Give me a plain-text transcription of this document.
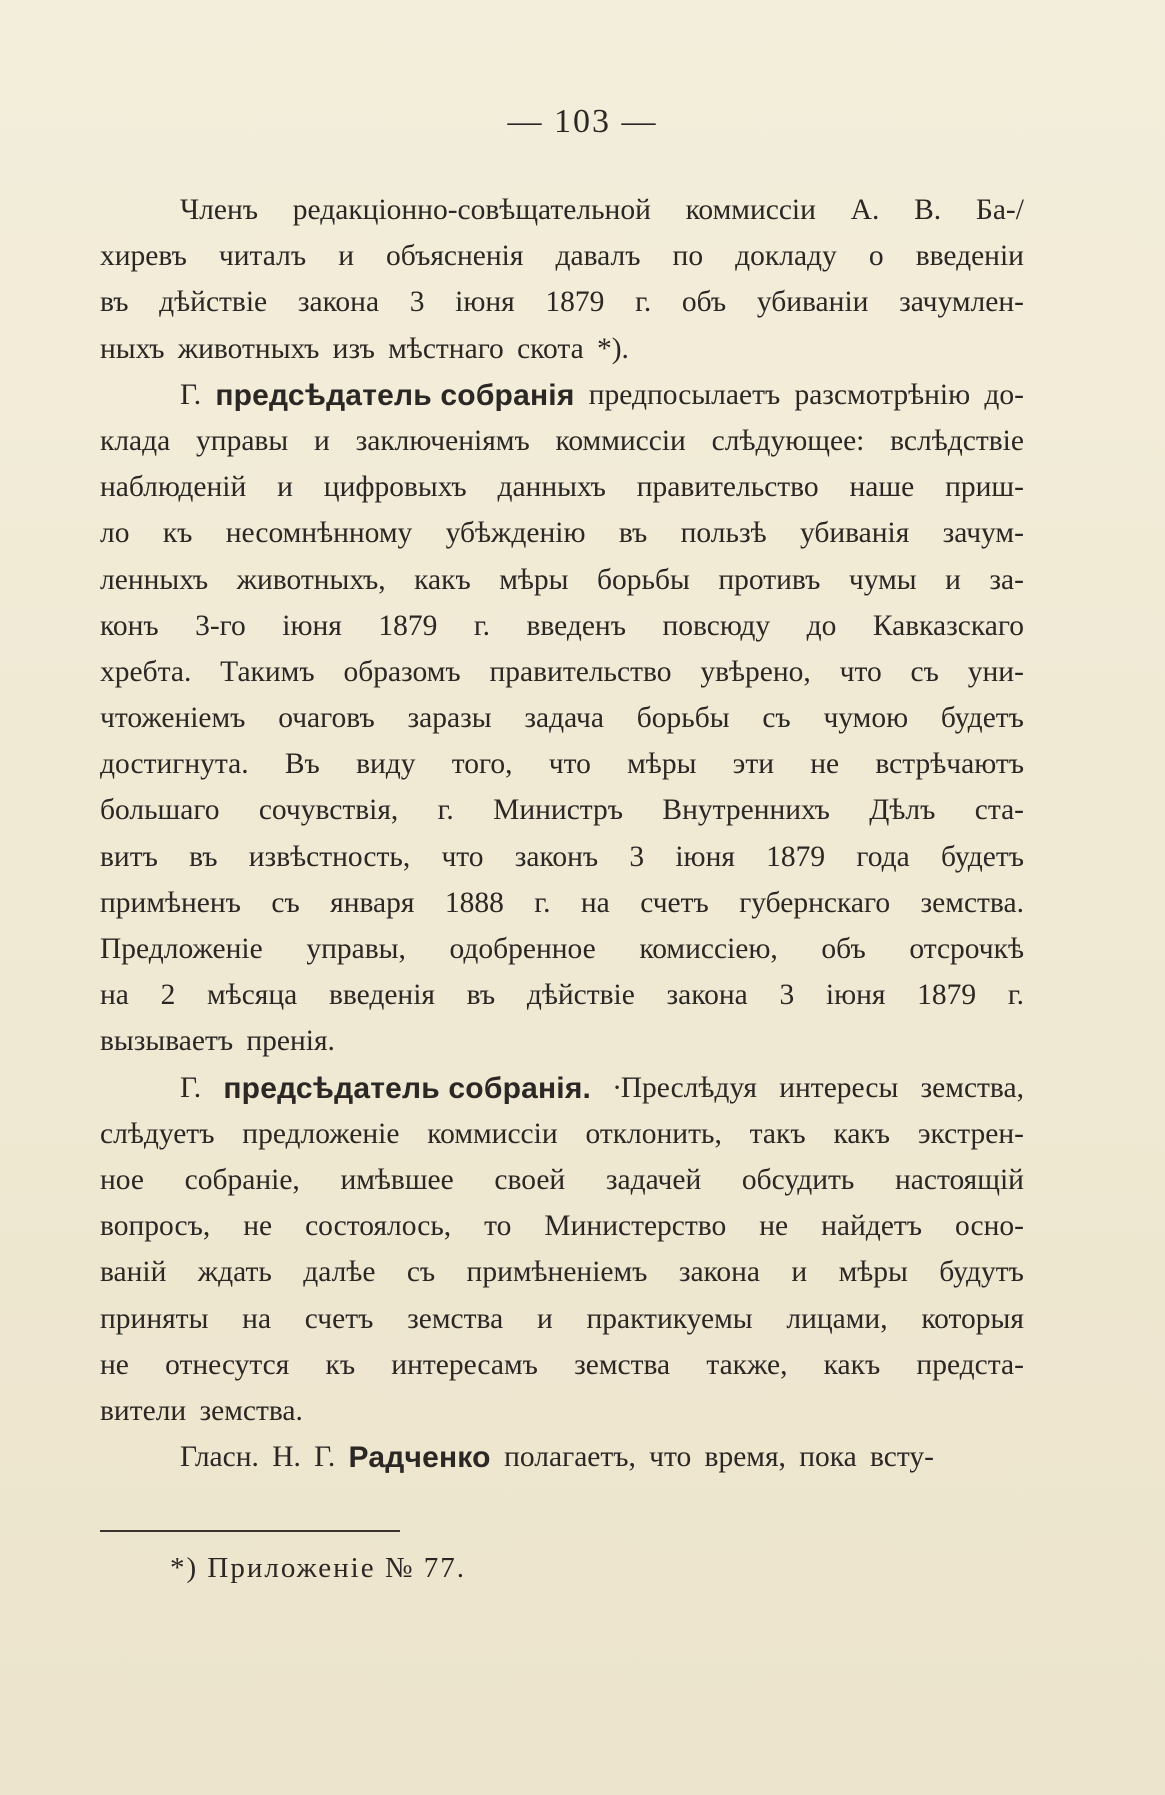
— 103 —
Членъ редакціонно-совѣщательной коммиссіи А. В. Ба-/
хиревъ читалъ и объясненія давалъ по докладу о введеніи
въ дѣйствіе закона 3 іюня 1879 г. объ убиваніи зачумлен-
ныхъ животныхъ изъ мѣстнаго скота *).
Г. предсѣдатель собранія предпосылаетъ разсмотрѣнію до-
клада управы и заключеніямъ коммиссіи слѣдующее: вслѣдствіе
наблюденій и цифровыхъ данныхъ правительство наше приш-
ло къ несомнѣнному убѣжденію въ пользѣ убиванія зачум-
ленныхъ животныхъ, какъ мѣры борьбы противъ чумы и за-
конъ 3-го іюня 1879 г. введенъ повсюду до Кавказскаго
хребта. Такимъ образомъ правительство увѣрено, что съ уни-
чтоженіемъ очаговъ заразы задача борьбы съ чумою будетъ
достигнута. Въ виду того, что мѣры эти не встрѣчаютъ
большаго сочувствія, г. Министръ Внутреннихъ Дѣлъ ста-
витъ въ извѣстность, что законъ 3 іюня 1879 года будетъ
примѣненъ съ января 1888 г. на счетъ губернскаго земства.
Предложеніе управы, одобренное комиссіею, объ отсрочкѣ
на 2 мѣсяца введенія въ дѣйствіе закона 3 іюня 1879 г.
вызываетъ пренія.
Г. предсѣдатель собранія. ∙Преслѣдуя интересы земства,
слѣдуетъ предложеніе коммиссіи отклонить, такъ какъ экстрен-
ное собраніе, имѣвшее своей задачей обсудить настоящій
вопросъ, не состоялось, то Министерство не найдетъ осно-
ваній ждать далѣе съ примѣненіемъ закона и мѣры будутъ
приняты на счетъ земства и практикуемы лицами, которыя
не отнесутся къ интересамъ земства также, какъ предста-
вители земства.
Гласн. Н. Г. Радченко полагаетъ, что время, пока всту-
*) Приложеніе № 77.
